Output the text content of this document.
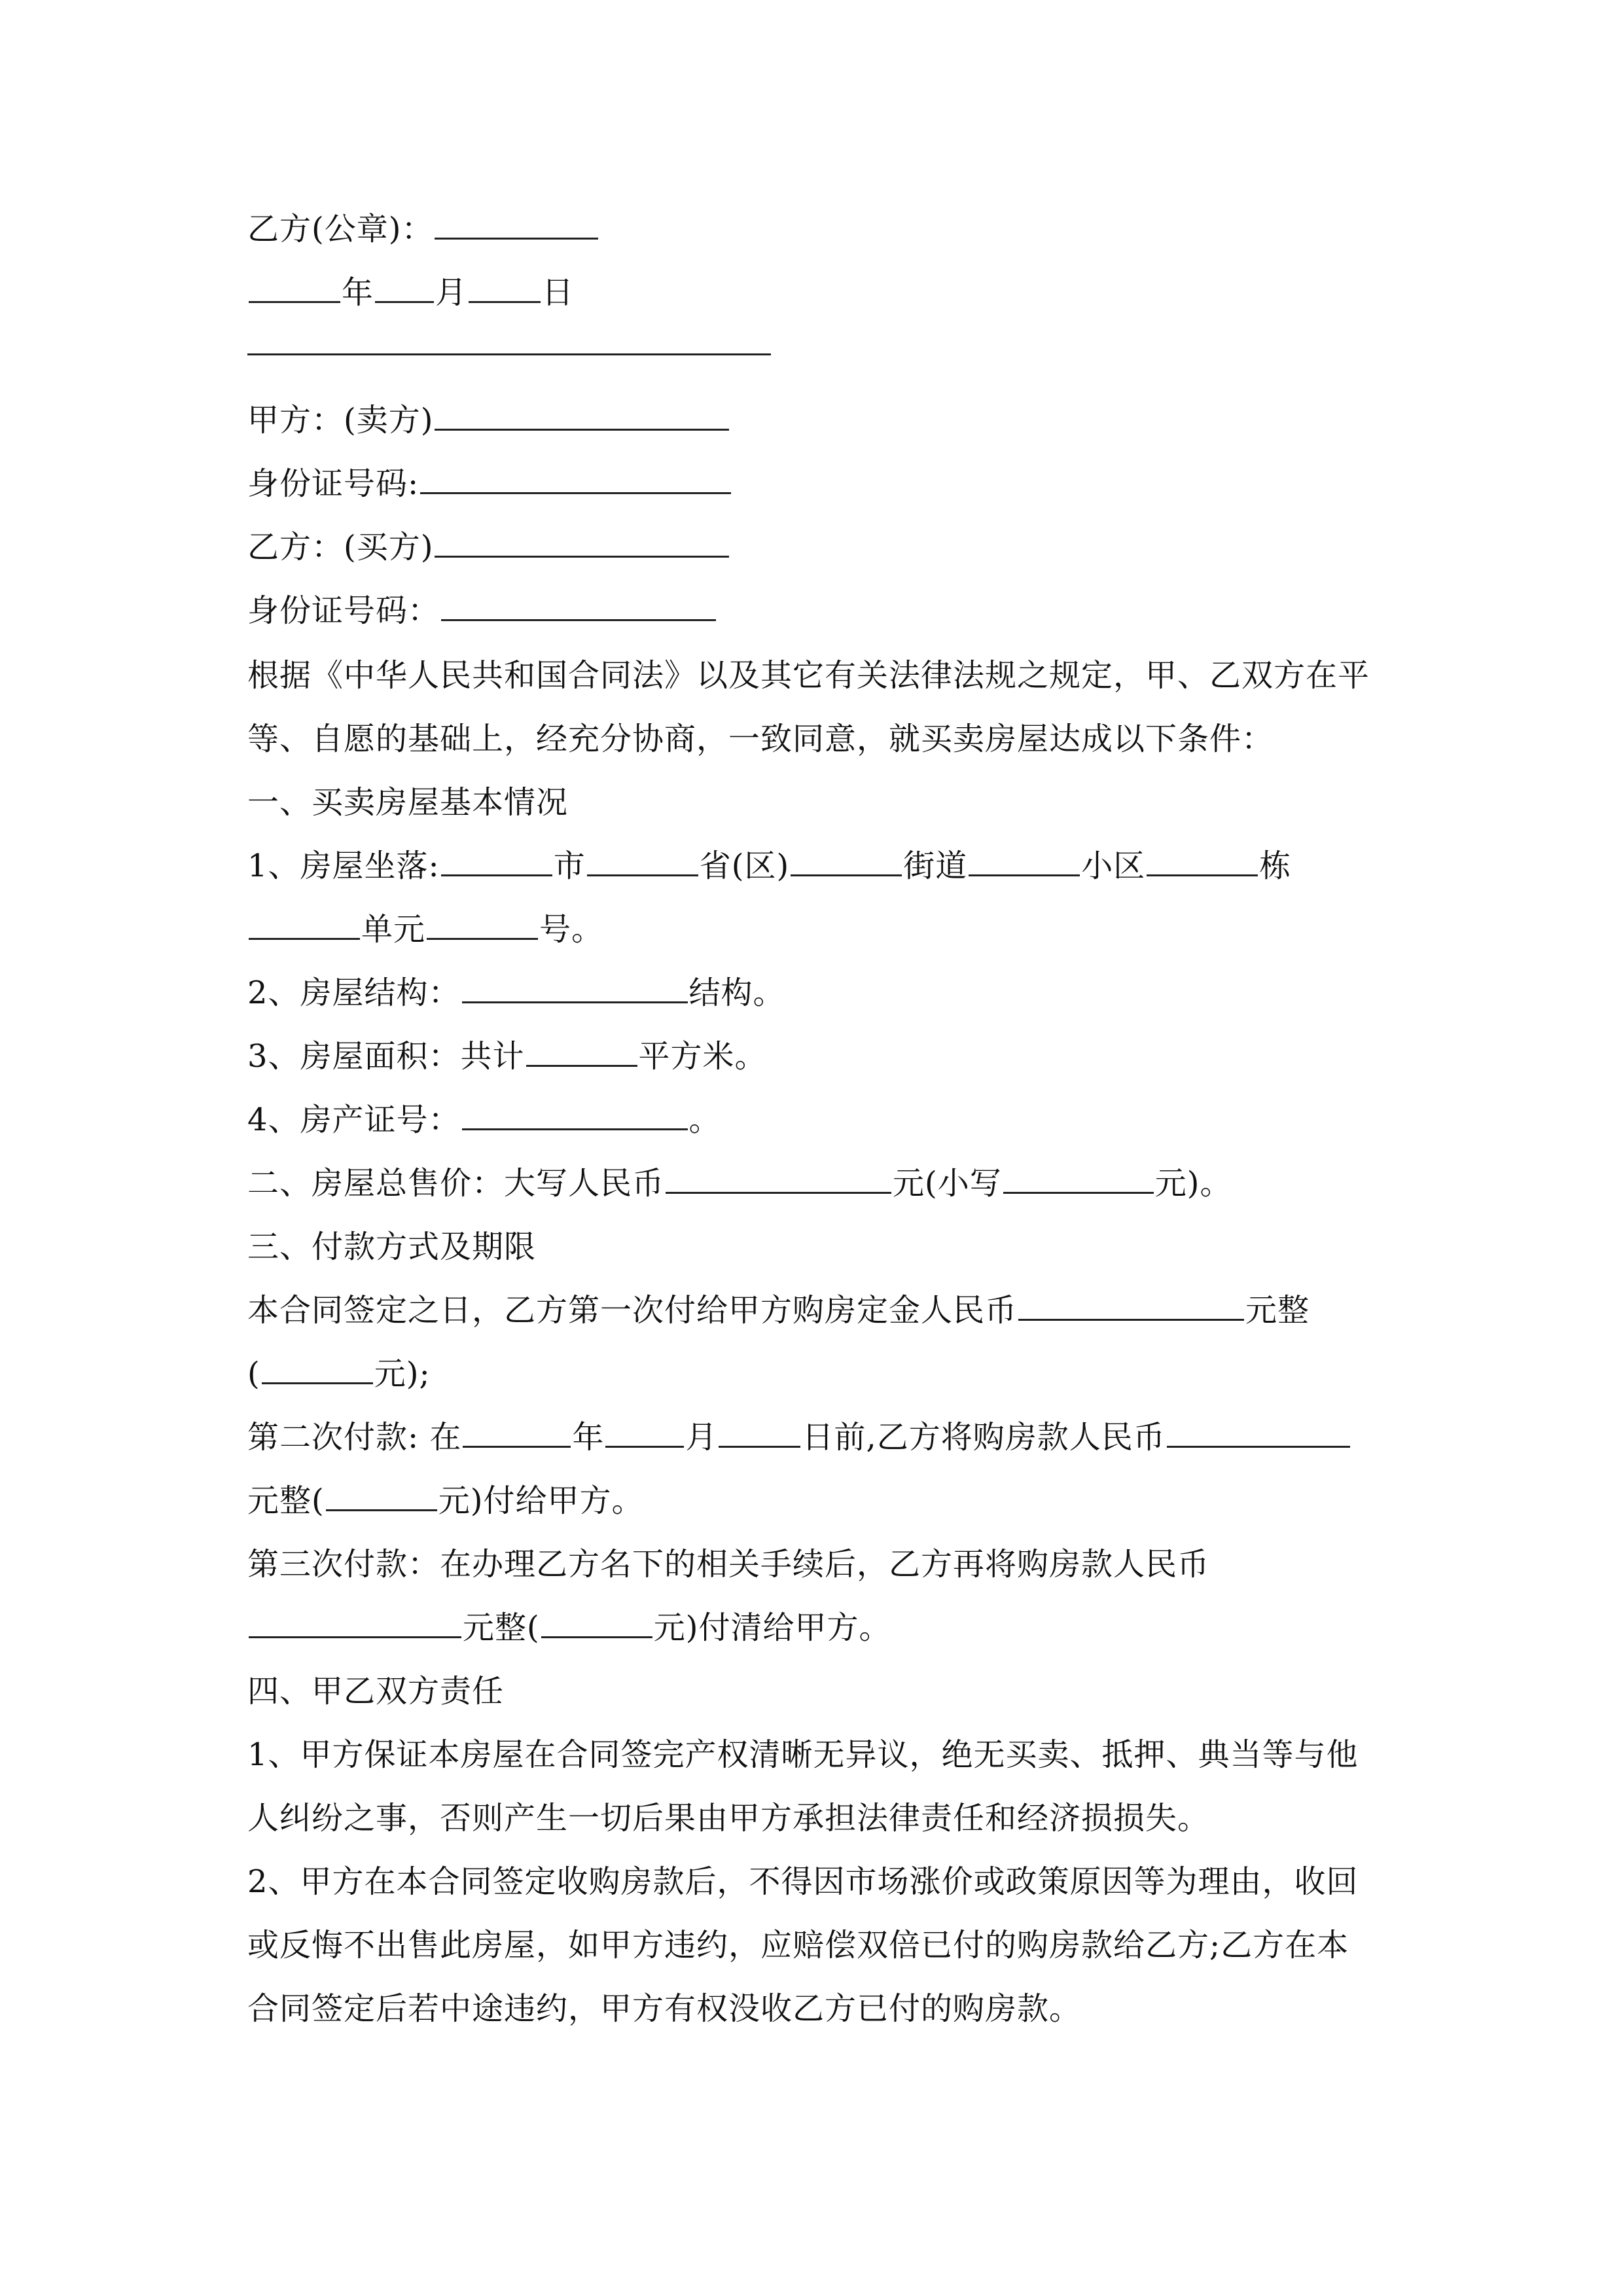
乙方(公章)：
年 月 日
甲方：(卖方)
身份证号码:
乙方：(买方)
身份证号码：
根据《中华人民共和国合同法》以及其它有关法律法规之规定，甲、乙双方在平
等、自愿的基础上，经充分协商，一致同意，就买卖房屋达成以下条件：
一、买卖房屋基本情况
1、房屋坐落:	市	省(区)	街道	小区	栋
单元	号。
2、房屋结构：	结构。
3、房屋面积：共计	平方米。
4、房产证号：	。
二、房屋总售价：大写人民币	元(小写	元)。
三、付款方式及期限
本合同签定之日，乙方第一次付给甲方购房定金人民币	元整
(	元);
第二次付款: 在	年	月	日前,乙方将购房款人民币
元整(	元)付给甲方。
第三次付款：在办理乙方名下的相关手续后，乙方再将购房款人民币
元整(	元)付清给甲方。
四、甲乙双方责任
1、甲方保证本房屋在合同签完产权清晰无异议，绝无买卖、抵押、典当等与他
人纠纷之事，否则产生一切后果由甲方承担法律责任和经济损损失。
2、甲方在本合同签定收购房款后，不得因市场涨价或政策原因等为理由，收回
或反悔不出售此房屋，如甲方违约，应赔偿双倍已付的购房款给乙方;乙方在本
合同签定后若中途违约，甲方有权没收乙方已付的购房款。
